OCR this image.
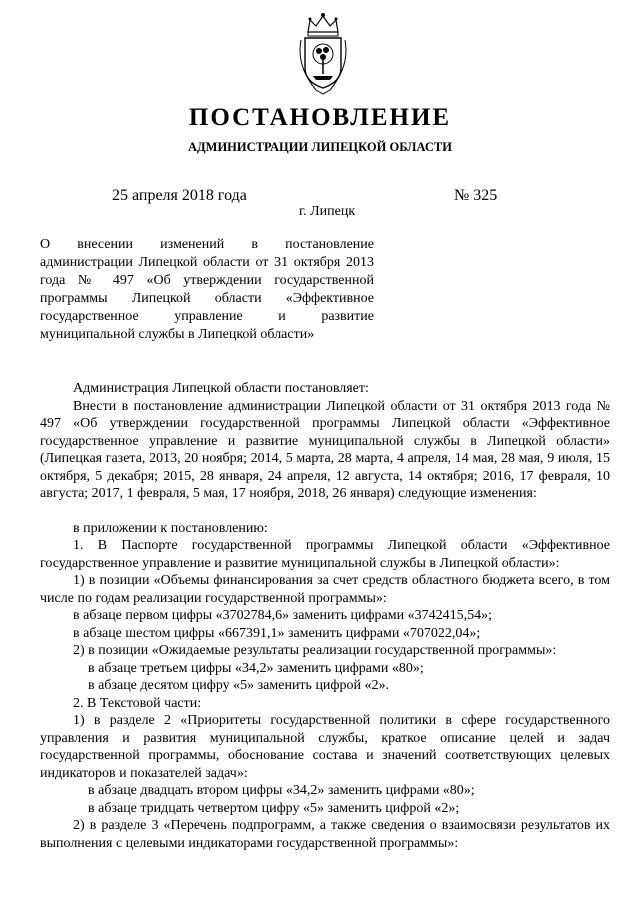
ПОСТАНОВЛЕНИЕ
АДМИНИСТРАЦИИ ЛИПЕЦКОЙ ОБЛАСТИ
25 апреля 2018 года	№ 325
г. Липецк
О внесении изменений в постановление администрации Липецкой области от 31 октября 2013 года № 497 «Об утверждении государственной программы Липецкой области «Эффективное государственное управление и развитие муниципальной службы в Липецкой области»

Администрация Липецкой области постановляет:

Внести в постановление администрации Липецкой области от 31 октября 2013 года № 497 «Об утверждении государственной программы Липецкой области «Эффективное государственное управление и развитие муниципальной службы в Липецкой области» (Липецкая газета, 2013, 20 ноября; 2014, 5 марта, 28 марта, 4 апреля, 14 мая, 28 мая, 9 июля, 15 октября, 5 декабря; 2015, 28 января, 24 апреля, 12 августа, 14 октября; 2016, 17 февраля, 10 августа; 2017, 1 февраля, 5 мая, 17 ноября, 2018, 26 января) следующие изменения:

в приложении к постановлению:

1. В Паспорте государственной программы Липецкой области «Эффективное государственное управление и развитие муниципальной службы в Липецкой области»:

1) в позиции «Объемы финансирования за счет средств областного бюджета всего, в том числе по годам реализации государственной программы»:

в абзаце первом цифры «3702784,6» заменить цифрами «3742415,54»;

в абзаце шестом цифры «667391,1» заменить цифрами «707022,04»;

2) в позиции «Ожидаемые результаты реализации государственной программы»:

в абзаце третьем цифры «34,2» заменить цифрами «80»;

в абзаце десятом цифру «5» заменить цифрой «2».

2. В Текстовой части:

1) в разделе 2 «Приоритеты государственной политики в сфере государственного управления и развития муниципальной службы, краткое описание целей и задач государственной программы, обоснование состава и значений соответствующих целевых индикаторов и показателей задач»:

в абзаце двадцать втором цифры «34,2» заменить цифрами «80»;

в абзаце тридцать четвертом цифру «5» заменить цифрой «2»;

2) в разделе 3 «Перечень подпрограмм, а также сведения о взаимосвязи результатов их выполнения с целевыми индикаторами государственной программы»:
